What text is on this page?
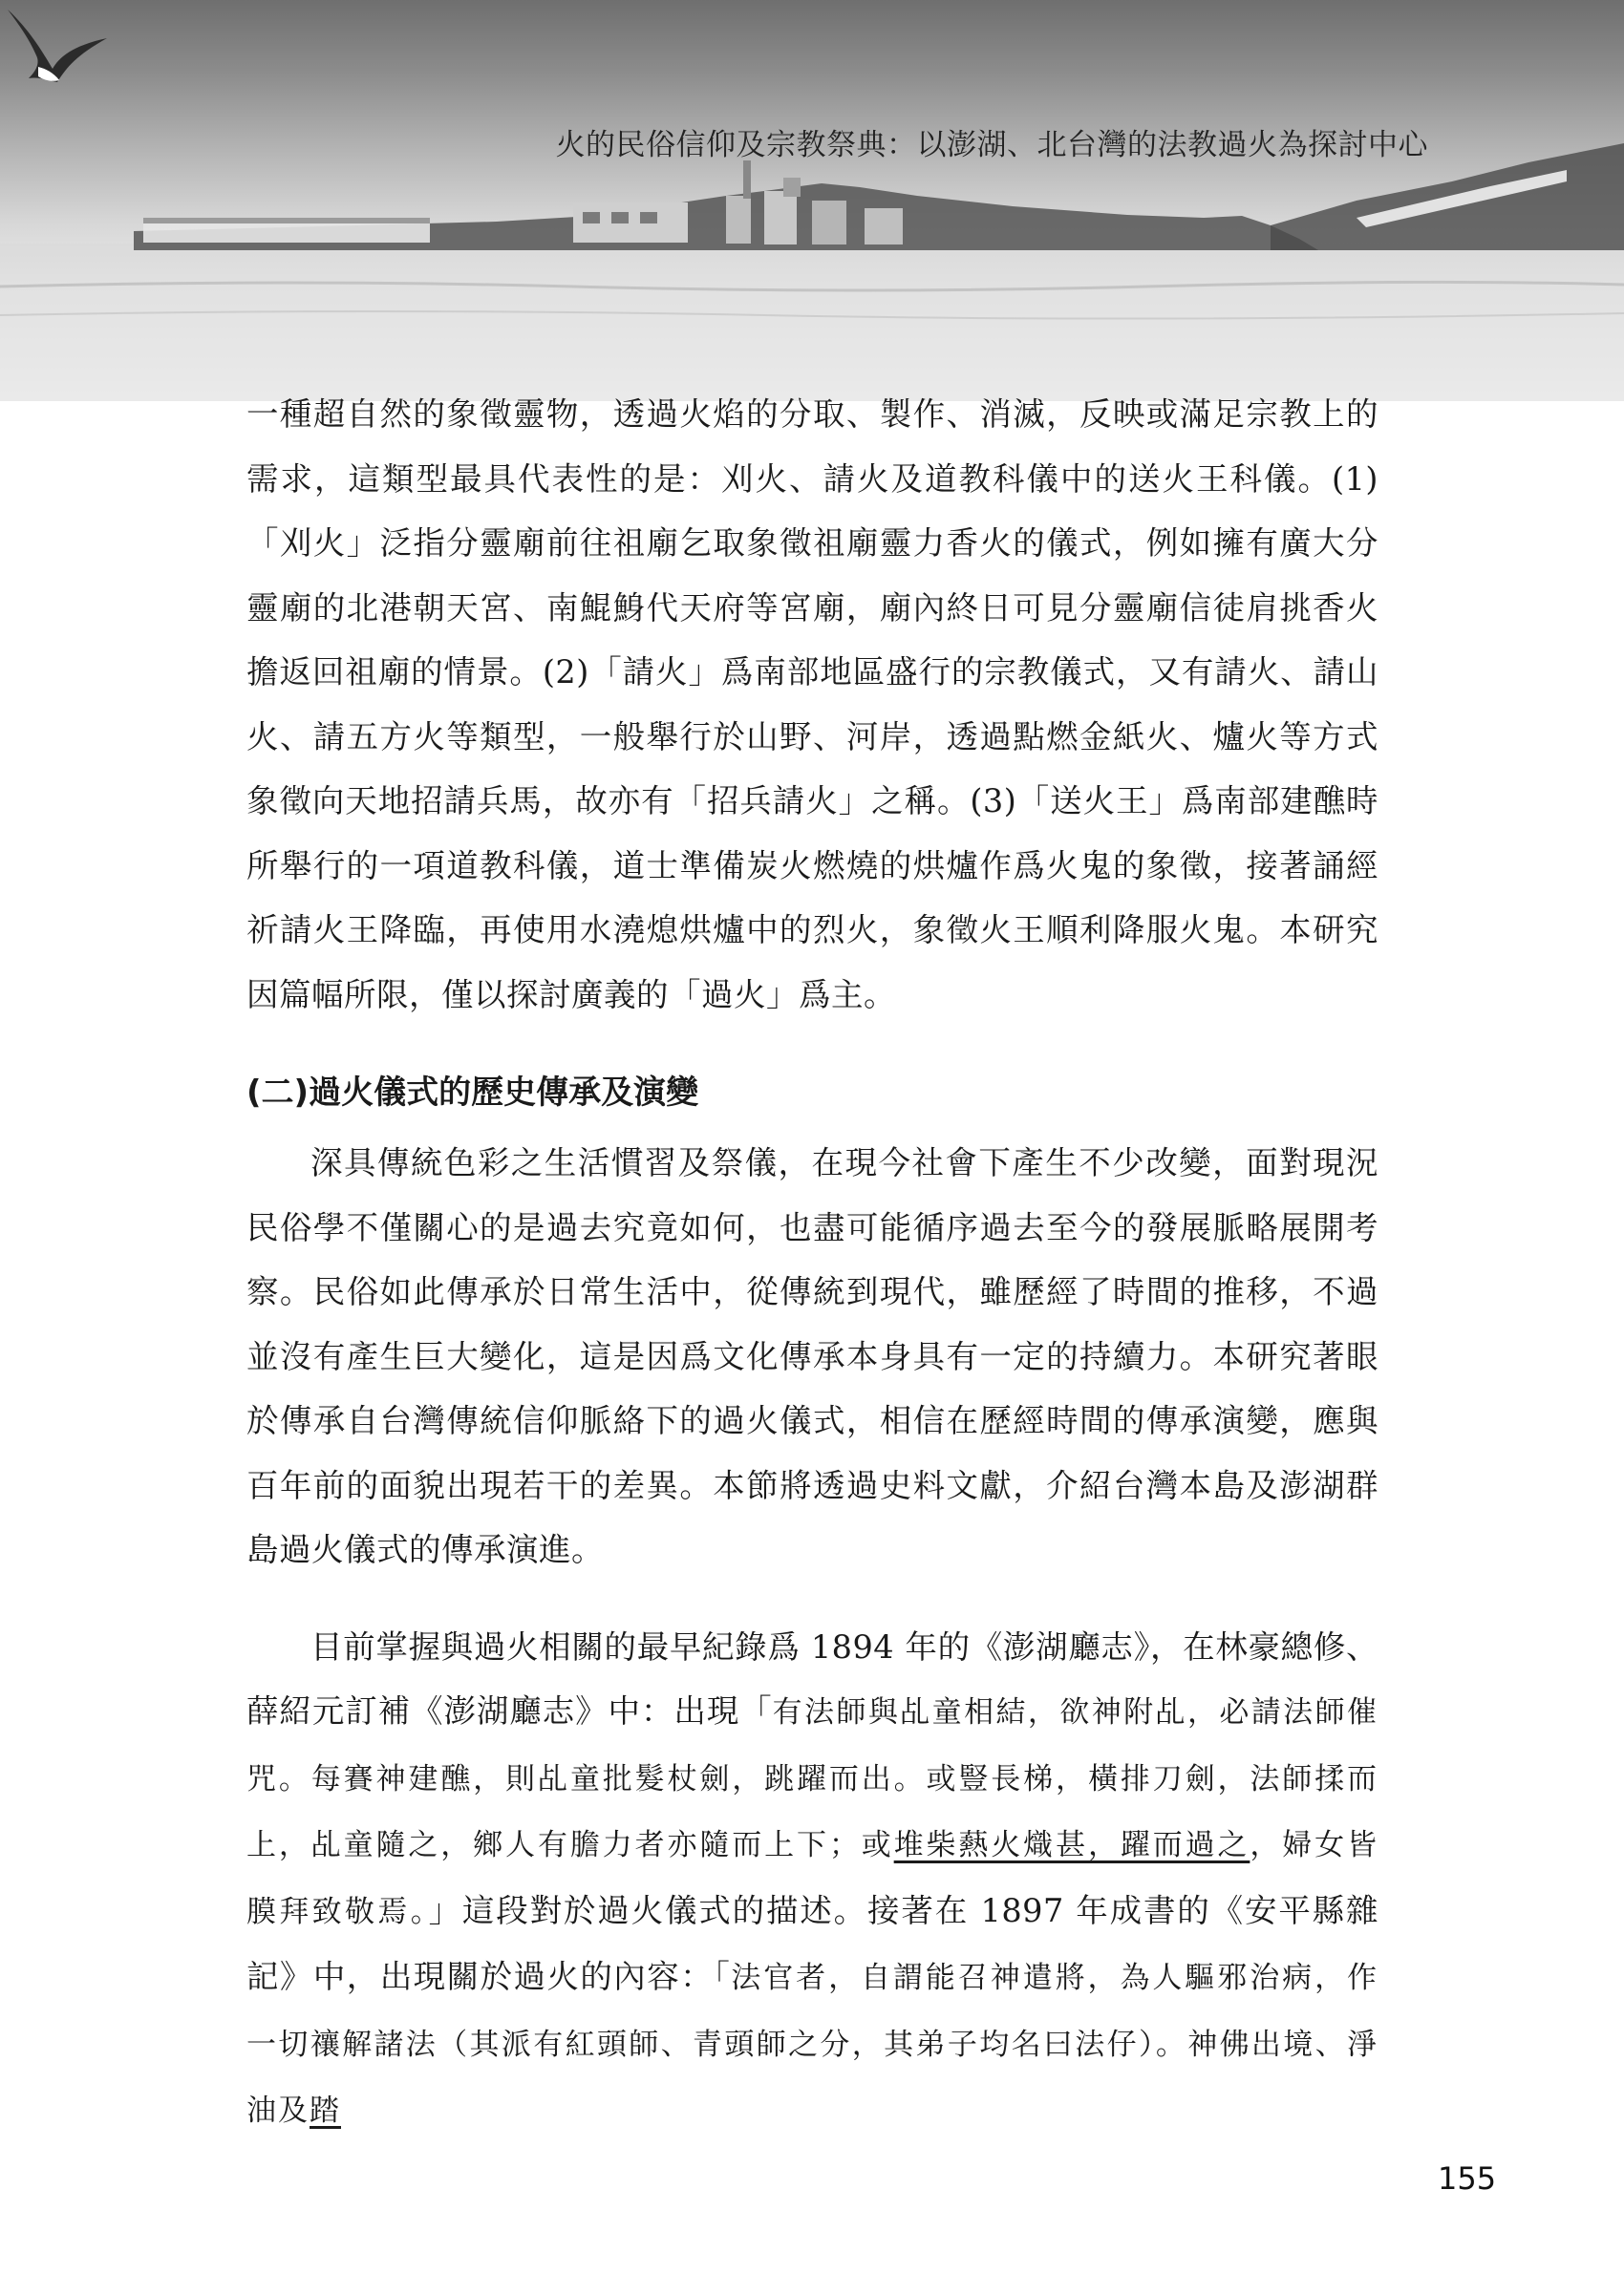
火的民俗信仰及宗教祭典：以澎湖、北台灣的法教過火為探討中心

一種超自然的象徵靈物，透過火焰的分取、製作、消滅，反映或滿足宗教上的需求，這類型最具代表性的是：刈火、請火及道教科儀中的送火王科儀。(1)「刈火」泛指分靈廟前往祖廟乞取象徵祖廟靈力香火的儀式，例如擁有廣大分靈廟的北港朝天宮、南鯤鯓代天府等宮廟，廟內終日可見分靈廟信徒肩挑香火擔返回祖廟的情景。(2)「請火」爲南部地區盛行的宗教儀式，又有請火、請山火、請五方火等類型，一般舉行於山野、河岸，透過點燃金紙火、爐火等方式象徵向天地招請兵馬，故亦有「招兵請火」之稱。(3)「送火王」爲南部建醮時所舉行的一項道教科儀，道士準備炭火燃燒的烘爐作爲火鬼的象徵，接著誦經祈請火王降臨，再使用水澆熄烘爐中的烈火，象徵火王順利降服火鬼。本研究因篇幅所限，僅以探討廣義的「過火」爲主。

(二)過火儀式的歷史傳承及演變

深具傳統色彩之生活慣習及祭儀，在現今社會下產生不少改變，面對現況民俗學不僅關心的是過去究竟如何，也盡可能循序過去至今的發展脈略展開考察。民俗如此傳承於日常生活中，從傳統到現代，雖歷經了時間的推移，不過並沒有產生巨大變化，這是因爲文化傳承本身具有一定的持續力。本研究著眼於傳承自台灣傳統信仰脈絡下的過火儀式，相信在歷經時間的傳承演變，應與百年前的面貌出現若干的差異。本節將透過史料文獻，介紹台灣本島及澎湖群島過火儀式的傳承演進。

目前掌握與過火相關的最早紀錄爲 1894 年的《澎湖廳志》，在林豪總修、薛紹元訂補《澎湖廳志》中：出現「有法師與乩童相結，欲神附乩，必請法師催咒。每賽神建醮，則乩童批髮杖劍，跳躍而出。或豎長梯，橫排刀劍，法師揉而上，乩童隨之，鄉人有膽力者亦隨而上下；或堆柴爇火熾甚，躍而過之，婦女皆膜拜致敬焉。」這段對於過火儀式的描述。接著在 1897 年成書的《安平縣雜記》中，出現關於過火的內容：「法官者，自謂能召神遣將，為人驅邪治病，作一切禳解諸法（其派有紅頭師、青頭師之分，其弟子均名曰法仔）。神佛出境、淨油及踏

155
